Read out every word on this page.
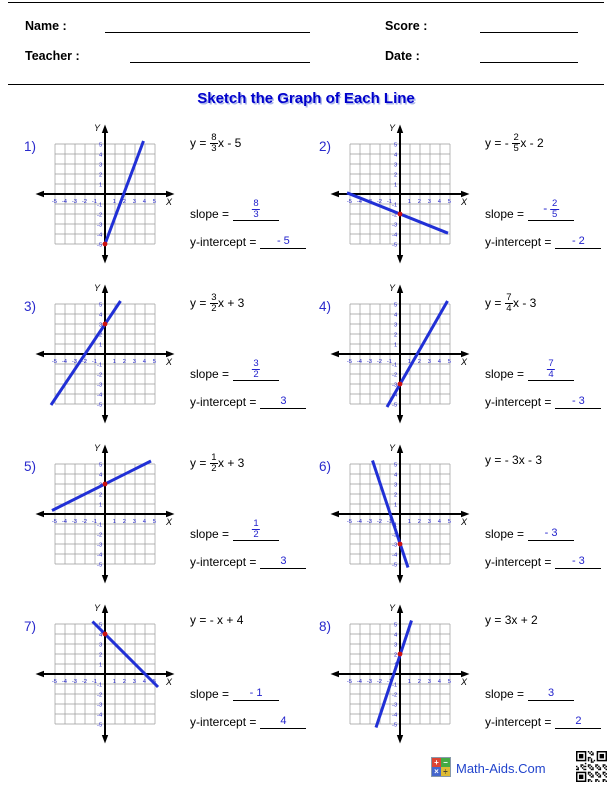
Name :	Score :
Teacher :	Date :
Sketch the Graph of Each Line
1)	$y = \frac{8}{3}$ x - 5
slope = $\frac{8}{3}$
y-intercept = - 5
2)	y = - $\frac{2}{5}$ x - 2
slope = - $\frac{2}{5}$
y-intercept = - 2
3)	$y = \frac{3}{2}$ x + 3
slope = $\frac{3}{2}$
y-intercept = 3
4)	$y = \frac{7}{4}$ x - 3
slope = $\frac{7}{4}$
y-intercept = - 3
5)	$y = \frac{1}{2}$ x + 3
slope = $\frac{1}{2}$
y-intercept = 3
6)	y = - 3x - 3
slope = - 3
y-intercept = - 3
7)	y = - x + 4
slope = - 1
y-intercept = 4
8)	y = 3x + 2
slope = 3
y-intercept = 2
+ −
× ÷ Math-Aids.Com
